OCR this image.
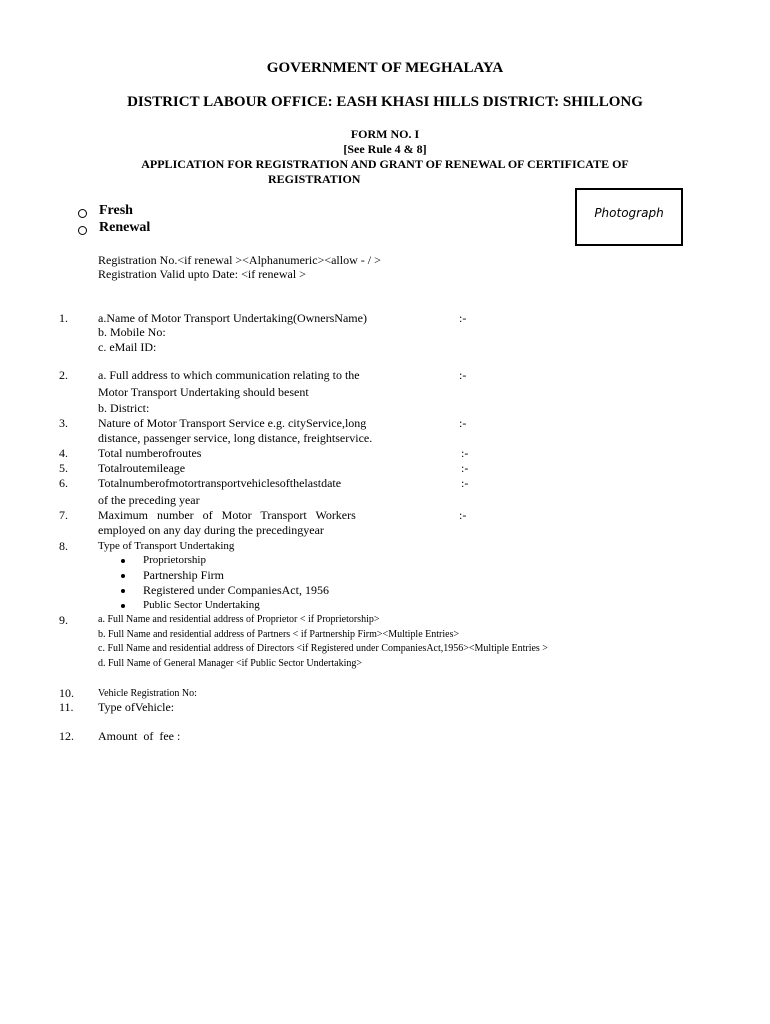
GOVERNMENT OF MEGHALAYA
DISTRICT LABOUR OFFICE: EASH KHASI HILLS DISTRICT: SHILLONG
FORM NO. I
[See Rule 4 & 8]
APPLICATION FOR REGISTRATION AND GRANT OF RENEWAL OF CERTIFICATE OF
REGISTRATION
Fresh
Renewal
Photograph
Registration No.<if renewal ><Alphanumeric><allow - / >
Registration Valid upto Date: <if renewal >
1.	a.Name of Motor Transport Undertaking(OwnersName)	:-
b. Mobile No:
c. eMail ID:
2.	a. Full address to which communication relating to the	:-
Motor Transport Undertaking should besent
b. District:
3.	Nature of Motor Transport Service e.g. cityService,long	:-
distance, passenger service, long distance, freightservice.
4.	Total numberofroutes	:-
5.	Totalroutemileage	:-
6.	Totalnumberofmotortransportvehiclesofthelastdate	:-
of the preceding year
7.	Maximum   number   of   Motor   Transport   Workers	:-
employed on any day during the precedingyear
8.	Type of Transport Undertaking
Proprietorship
Partnership Firm
Registered under CompaniesAct, 1956
Public Sector Undertaking
9.	a. Full Name and residential address of Proprietor < if Proprietorship>
b. Full Name and residential address of Partners < if Partnership Firm><Multiple Entries>
c. Full Name and residential address of Directors <if Registered under CompaniesAct,1956><Multiple Entries >
d. Full Name of General Manager <if Public Sector Undertaking>
10. Vehicle Registration No:
11. Type ofVehicle:
12. Amount  of  fee :
